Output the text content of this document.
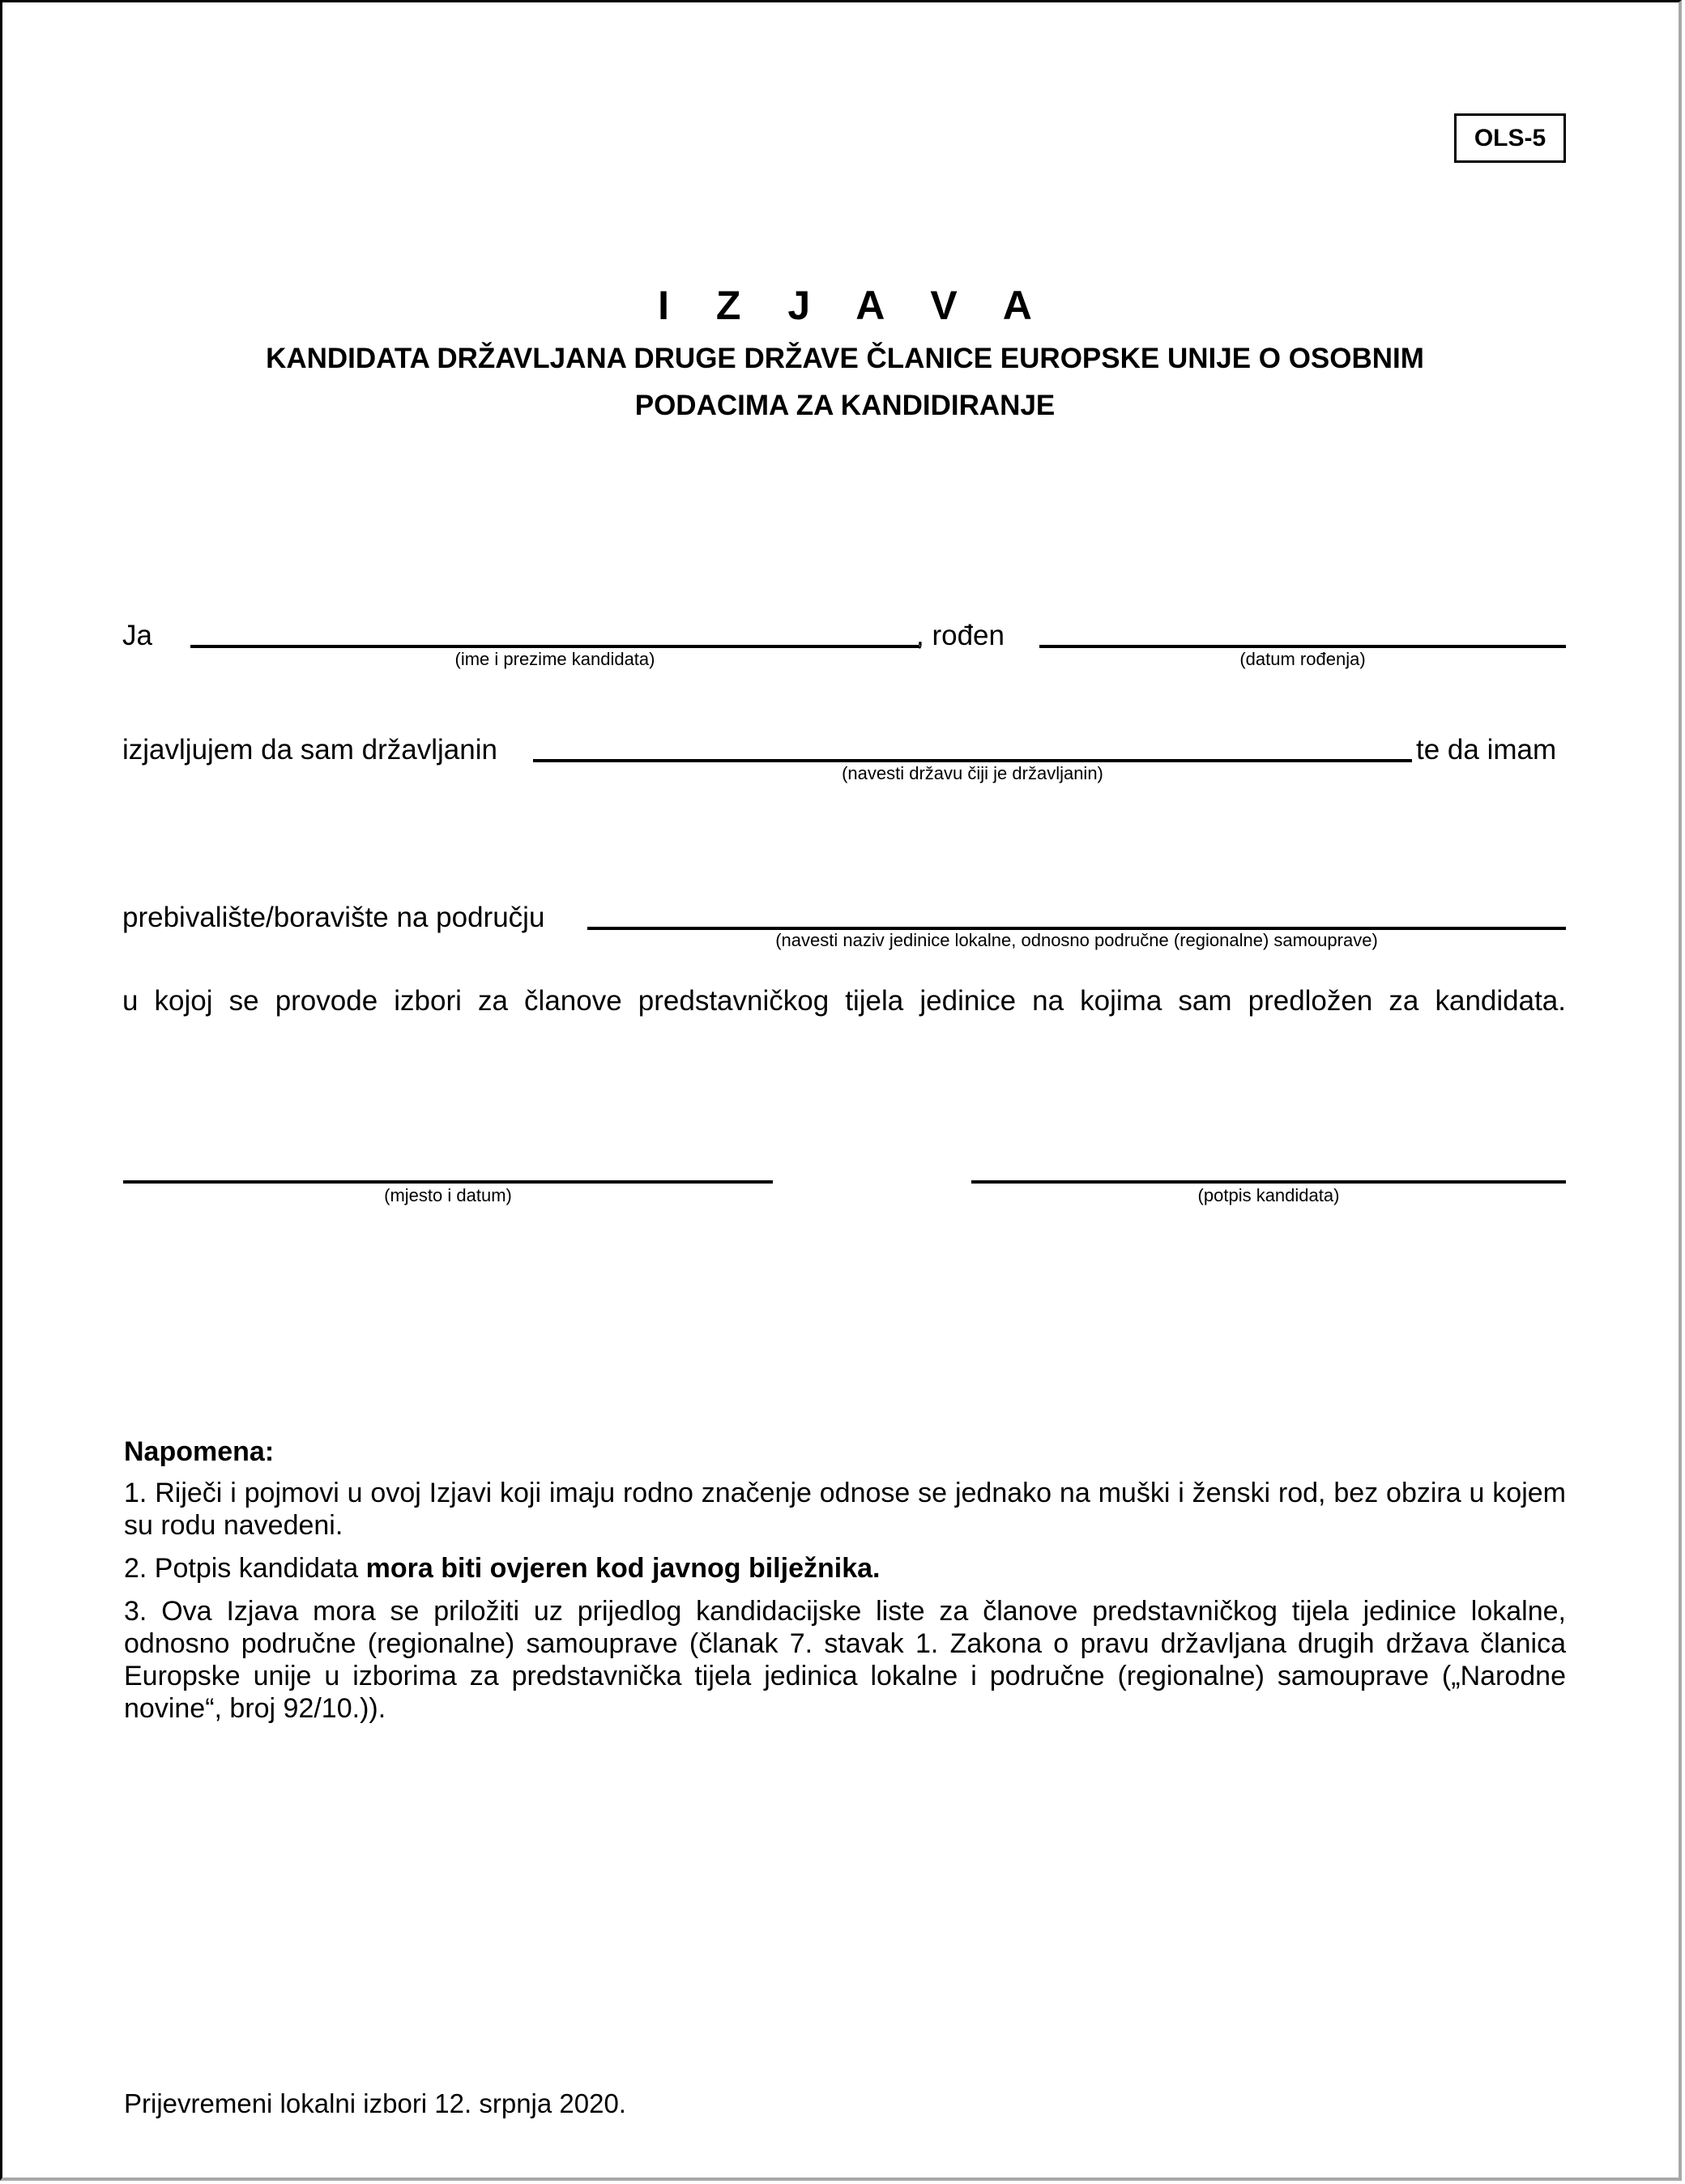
OLS-5
I Z J A V A
KANDIDATA DRŽAVLJANA DRUGE DRŽAVE ČLANICE EUROPSKE UNIJE O OSOBNIM
PODACIMA ZA KANDIDIRANJE
Ja	, rođen
(ime i prezime kandidata)	(datum rođenja)
izjavljujem da sam državljanin	te da imam
(navesti državu čiji je državljanin)
prebivalište/boravište na području
(navesti naziv jedinice lokalne, odnosno područne (regionalne) samouprave)
u kojoj se provode izbori za članove predstavničkog tijela jedinice na kojima sam predložen za kandidata.
(mjesto i datum)	(potpis kandidata)
Napomena:
1. Riječi i pojmovi u ovoj Izjavi koji imaju rodno značenje odnose se jednako na muški i ženski rod, bez obzira u kojem su rodu navedeni.
2. Potpis kandidata mora biti ovjeren kod javnog bilježnika.
3. Ova Izjava mora se priložiti uz prijedlog kandidacijske liste za članove predstavničkog tijela jedinice lokalne, odnosno područne (regionalne) samouprave (članak 7. stavak 1. Zakona o pravu državljana drugih država članica Europske unije u izborima za predstavnička tijela jedinica lokalne i područne (regionalne) samouprave („Narodne novine“, broj 92/10.)).
Prijevremeni lokalni izbori 12. srpnja 2020.
